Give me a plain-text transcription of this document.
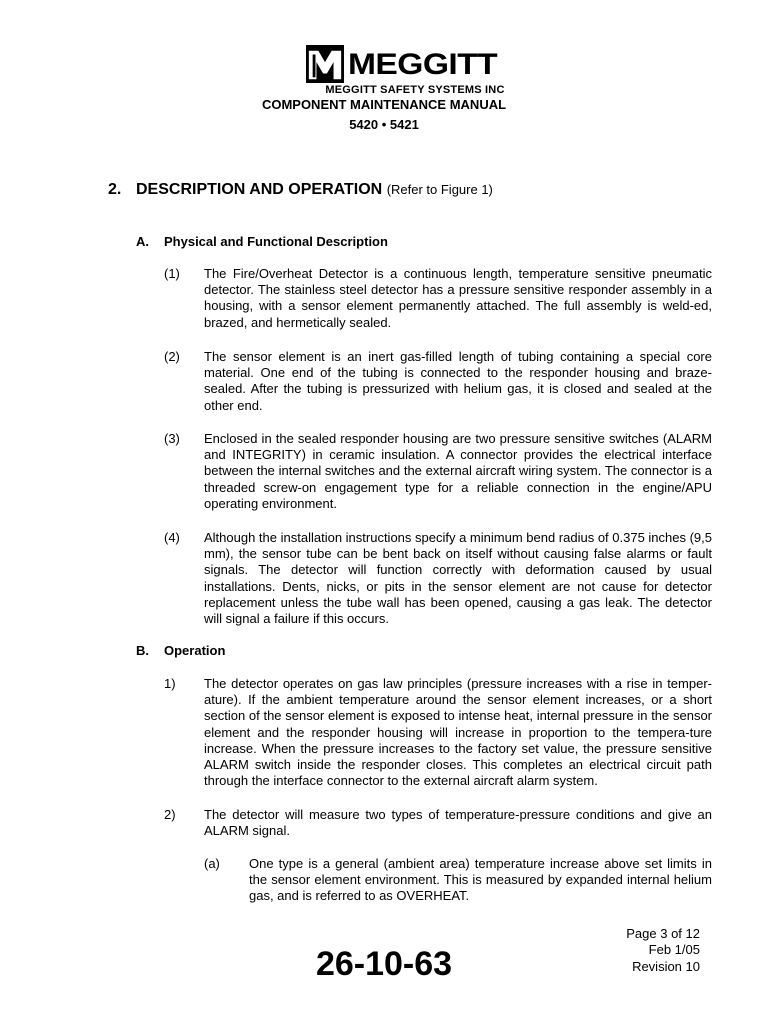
MEGGITT
MEGGITT SAFETY SYSTEMS INC
COMPONENT MAINTENANCE MANUAL
5420 • 5421
2. DESCRIPTION AND OPERATION (Refer to Figure 1)
A. Physical and Functional Description
(1) The Fire/Overheat Detector is a continuous length, temperature sensitive pneumatic detector. The stainless steel detector has a pressure sensitive responder assembly in a housing, with a sensor element permanently attached. The full assembly is weld-ed, brazed, and hermetically sealed.
(2) The sensor element is an inert gas-filled length of tubing containing a special core material. One end of the tubing is connected to the responder housing and braze-sealed. After the tubing is pressurized with helium gas, it is closed and sealed at the other end.
(3) Enclosed in the sealed responder housing are two pressure sensitive switches (ALARM and INTEGRITY) in ceramic insulation. A connector provides the electrical interface between the internal switches and the external aircraft wiring system. The connector is a threaded screw-on engagement type for a reliable connection in the engine/APU operating environment.
(4) Although the installation instructions specify a minimum bend radius of 0.375 inches (9,5 mm), the sensor tube can be bent back on itself without causing false alarms or fault signals. The detector will function correctly with deformation caused by usual installations. Dents, nicks, or pits in the sensor element are not cause for detector replacement unless the tube wall has been opened, causing a gas leak. The detector will signal a failure if this occurs.
B. Operation
1) The detector operates on gas law principles (pressure increases with a rise in temper-ature). If the ambient temperature around the sensor element increases, or a short section of the sensor element is exposed to intense heat, internal pressure in the sensor element and the responder housing will increase in proportion to the tempera-ture increase. When the pressure increases to the factory set value, the pressure sensitive ALARM switch inside the responder closes. This completes an electrical circuit path through the interface connector to the external aircraft alarm system.
2) The detector will measure two types of temperature-pressure conditions and give an ALARM signal.
(a) One type is a general (ambient area) temperature increase above set limits in the sensor element environment. This is measured by expanded internal helium gas, and is referred to as OVERHEAT.
26-10-63
Page 3 of 12
Feb 1/05
Revision 10
